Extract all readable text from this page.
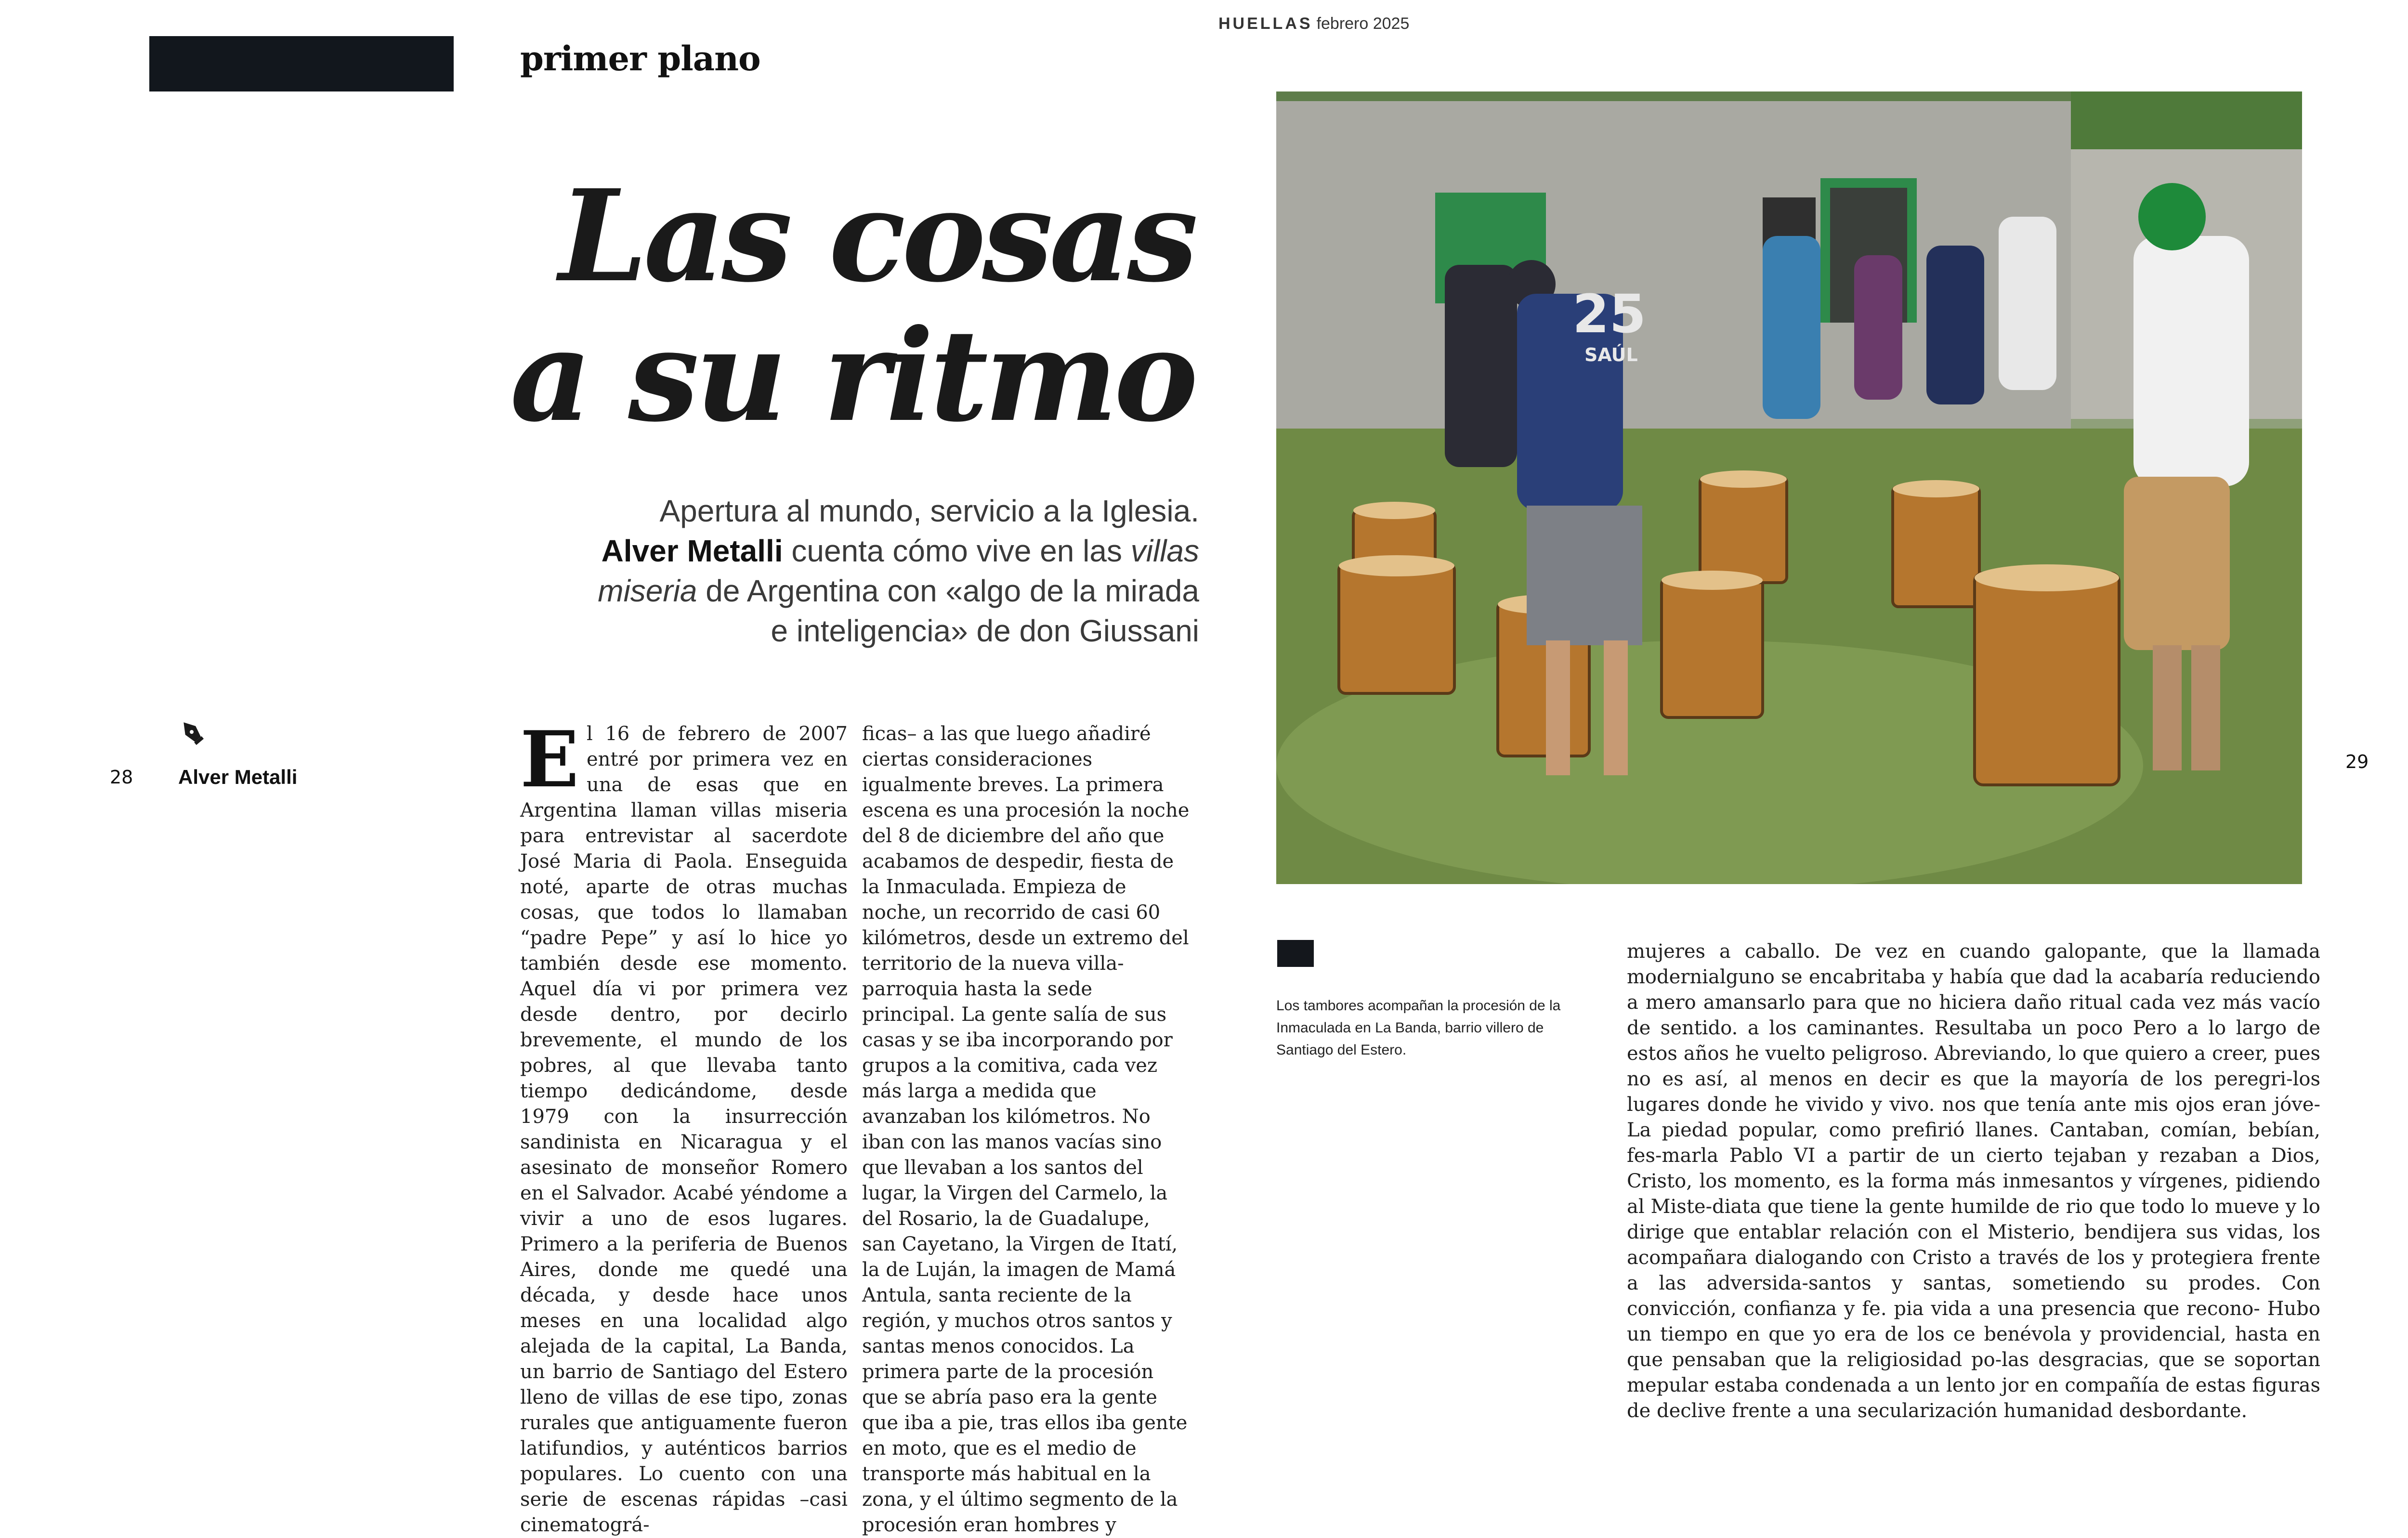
primer plano
HUELLAS febrero 2025
Las cosas
a su ritmo
Apertura al mundo, servicio a la Iglesia.
Alver Metalli cuenta cómo vive en las villas miseria de Argentina con «algo de la mirada e inteligencia» de don Giussani
Alver Metalli
28
29
El 16 de febrero de 2007 entré por primera vez en una de esas que en Argentina llaman villas miseria para entrevistar al sacerdote José Maria di Paola. Enseguida noté, aparte de otras muchas cosas, que todos lo llamaban “padre Pepe” y así lo hice yo también desde ese momento. Aquel día vi por primera vez desde dentro, por decirlo brevemente, el mundo de los pobres, al que llevaba tanto tiempo dedicándome, desde 1979 con la insurrección sandinista en Nicaragua y el asesinato de monseñor Romero en el Salvador. Acabé yéndome a vivir a uno de esos lugares. Primero a la periferia de Buenos Aires, donde me quedé una década, y desde hace unos meses en una localidad algo alejada de la capital, La Banda, un barrio de Santiago del Estero lleno de villas de ese tipo, zonas rurales que antiguamente fueron latifundios, y auténticos barrios populares. Lo cuento con una serie de escenas rápidas –casi cinematográ-
ficas– a las que luego añadiré ciertas consideraciones igualmente breves. La primera escena es una procesión la noche del 8 de diciembre del año que acabamos de despedir, fiesta de la Inmaculada. Empieza de noche, un recorrido de casi 60 kilómetros, desde un extremo del territorio de la nueva villa-parroquia hasta la sede principal. La gente salía de sus casas y se iba incorporando por grupos a la comitiva, cada vez más larga a medida que avanzaban los kilómetros. No iban con las manos vacías sino que llevaban a los santos del lugar, la Virgen del Carmelo, la del Rosario, la de Guadalupe, san Cayetano, la Virgen de Itatí, la de Luján, la imagen de Mamá Antula, santa reciente de la región, y muchos otros santos y santas menos conocidos. La primera parte de la procesión que se abría paso era la gente que iba a pie, tras ellos iba gente en moto, que es el medio de transporte más habitual en la zona, y el último segmento de la procesión eran hombres y
25
SAÚL
Los tambores acompañan la procesión de la Inmaculada en La Banda, barrio villero de Santiago del Estero.
mujeres a caballo. De vez en cuando galopante, que la llamada modernialguno se encabritaba y había que dad la acabaría reduciendo a mero amansarlo para que no hiciera daño ritual cada vez más vacío de sentido. a los caminantes. Resultaba un poco Pero a lo largo de estos años he vuelto peligroso. Abreviando, lo que quiero a creer, pues no es así, al menos en decir es que la mayoría de los peregri-los lugares donde he vivido y vivo. nos que tenía ante mis ojos eran jóve-La piedad popular, como prefirió llanes. Cantaban, comían, bebían, fes-marla Pablo VI a partir de un cierto tejaban y rezaban a Dios, Cristo, los momento, es la forma más inmesantos y vírgenes, pidiendo al Miste-diata que tiene la gente humilde de rio que todo lo mueve y lo dirige que entablar relación con el Misterio, bendijera sus vidas, los acompañara dialogando con Cristo a través de los y protegiera frente a las adversida-santos y santas, sometiendo su prodes. Con convicción, confianza y fe. pia vida a una presencia que recono- Hubo un tiempo en que yo era de los ce benévola y providencial, hasta en que pensaban que la religiosidad po-las desgracias, que se soportan mepular estaba condenada a un lento jor en compañía de estas figuras de declive frente a una secularización humanidad desbordante.
